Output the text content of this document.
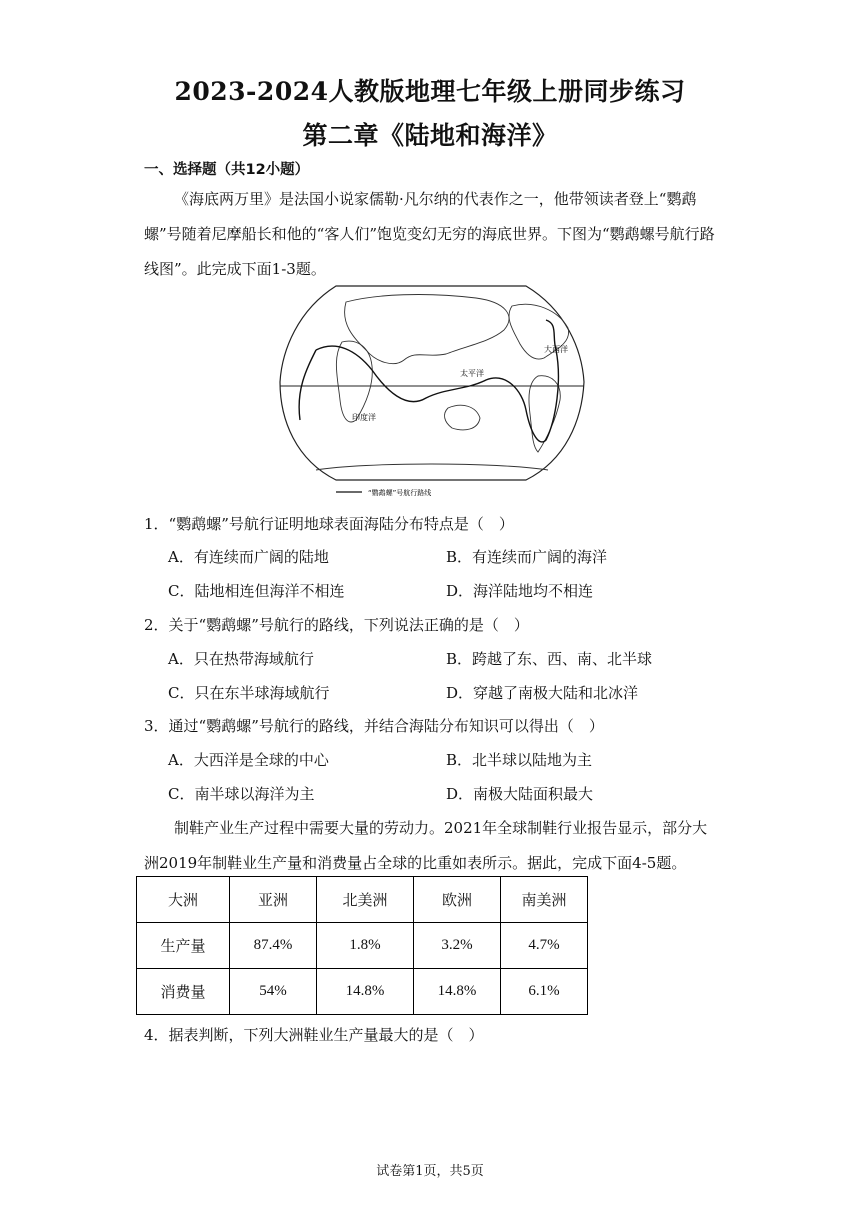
2023-2024人教版地理七年级上册同步练习
第二章《陆地和海洋》
一、选择题（共12小题）

《海底两万里》是法国小说家儒勒·凡尔纳的代表作之一，他带领读者登上“鹦鹉螺”号随着尼摩船长和他的“客人们”饱览变幻无穷的海底世界。下图为“鹦鹉螺号航行路线图”。此完成下面1-3题。

大西洋
太平洋
印度洋
“鹦鹉螺”号航行路线
1．“鹦鹉螺”号航行证明地球表面海陆分布特点是（　）
A．有连续而广阔的陆地	B．有连续而广阔的海洋
C．陆地相连但海洋不相连	D．海洋陆地均不相连
2．关于“鹦鹉螺”号航行的路线，下列说法正确的是（　）
A．只在热带海域航行	B．跨越了东、西、南、北半球
C．只在东半球海域航行	D．穿越了南极大陆和北冰洋
3．通过“鹦鹉螺”号航行的路线，并结合海陆分布知识可以得出（　）
A．大西洋是全球的中心	B．北半球以陆地为主
C．南半球以海洋为主	D．南极大陆面积最大

制鞋产业生产过程中需要大量的劳动力。2021年全球制鞋行业报告显示，部分大洲2019年制鞋业生产量和消费量占全球的比重如表所示。据此，完成下面4-5题。

大洲	亚洲	北美洲	欧洲	南美洲
生产量	87.4%	1.8%	3.2%	4.7%
消费量	54%	14.8%	14.8%	6.1%
4．据表判断，下列大洲鞋业生产量最大的是（　）
试卷第1页，共5页
